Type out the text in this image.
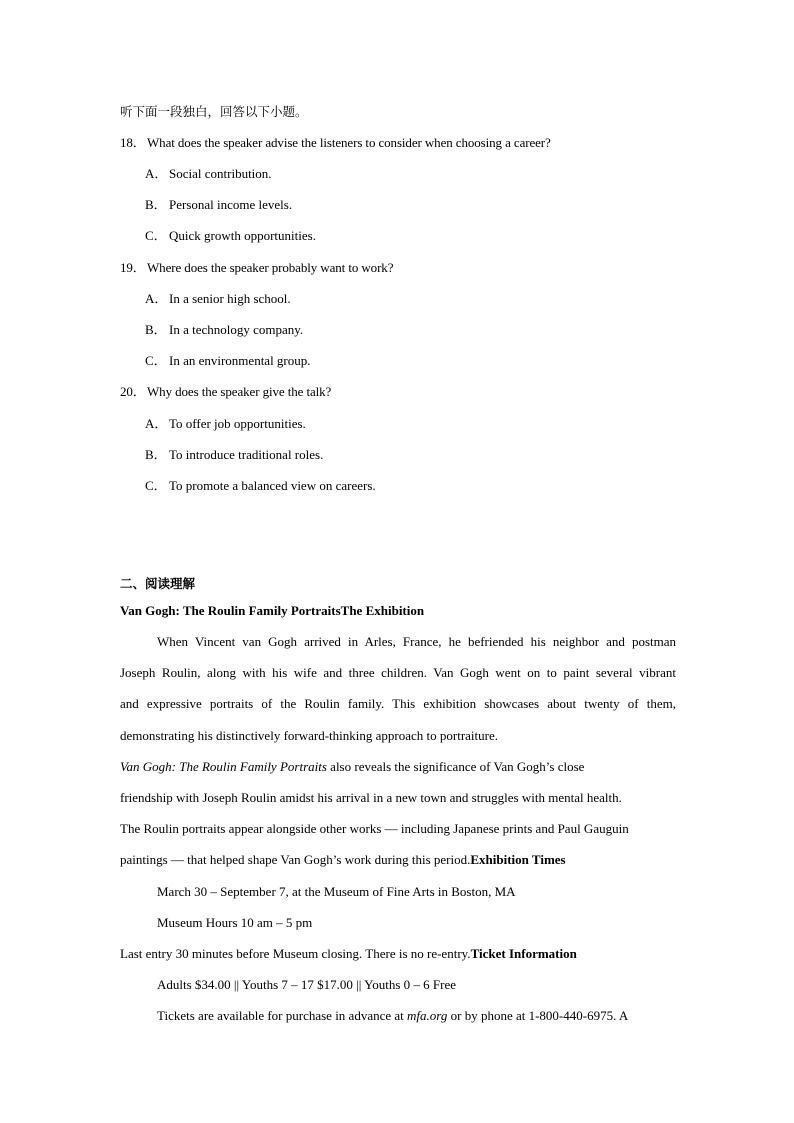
听下面一段独白，回答以下小题。
18．What does the speaker advise the listeners to consider when choosing a career?
A． Social contribution.
B． Personal income levels.
C． Quick growth opportunities.
19．Where does the speaker probably want to work?
A． In a senior high school.
B． In a technology company.
C． In an environmental group.
20．Why does the speaker give the talk?
A． To offer job opportunities.
B． To introduce traditional roles.
C． To promote a balanced view on careers.
二、阅读理解
Van Gogh: The Roulin Family PortraitsThe Exhibition
When Vincent van Gogh arrived in Arles, France, he befriended his neighbor and postman
Joseph Roulin, along with his wife and three children. Van Gogh went on to paint several vibrant
and expressive portraits of the Roulin family. This exhibition showcases about twenty of them,
demonstrating his distinctively forward-thinking approach to portraiture.
Van Gogh: The Roulin Family Portraits also reveals the significance of Van Gogh’s close
friendship with Joseph Roulin amidst his arrival in a new town and struggles with mental health.
The Roulin portraits appear alongside other works — including Japanese prints and Paul Gauguin
paintings — that helped shape Van Gogh’s work during this period.Exhibition Times
March 30 – September 7, at the Museum of Fine Arts in Boston, MA
Museum Hours 10 am – 5 pm
Last entry 30 minutes before Museum closing. There is no re-entry.Ticket Information
Adults $34.00 || Youths 7 – 17 $17.00 || Youths 0 – 6 Free
Tickets are available for purchase in advance at mfa.org or by phone at 1-800-440-6975. A
